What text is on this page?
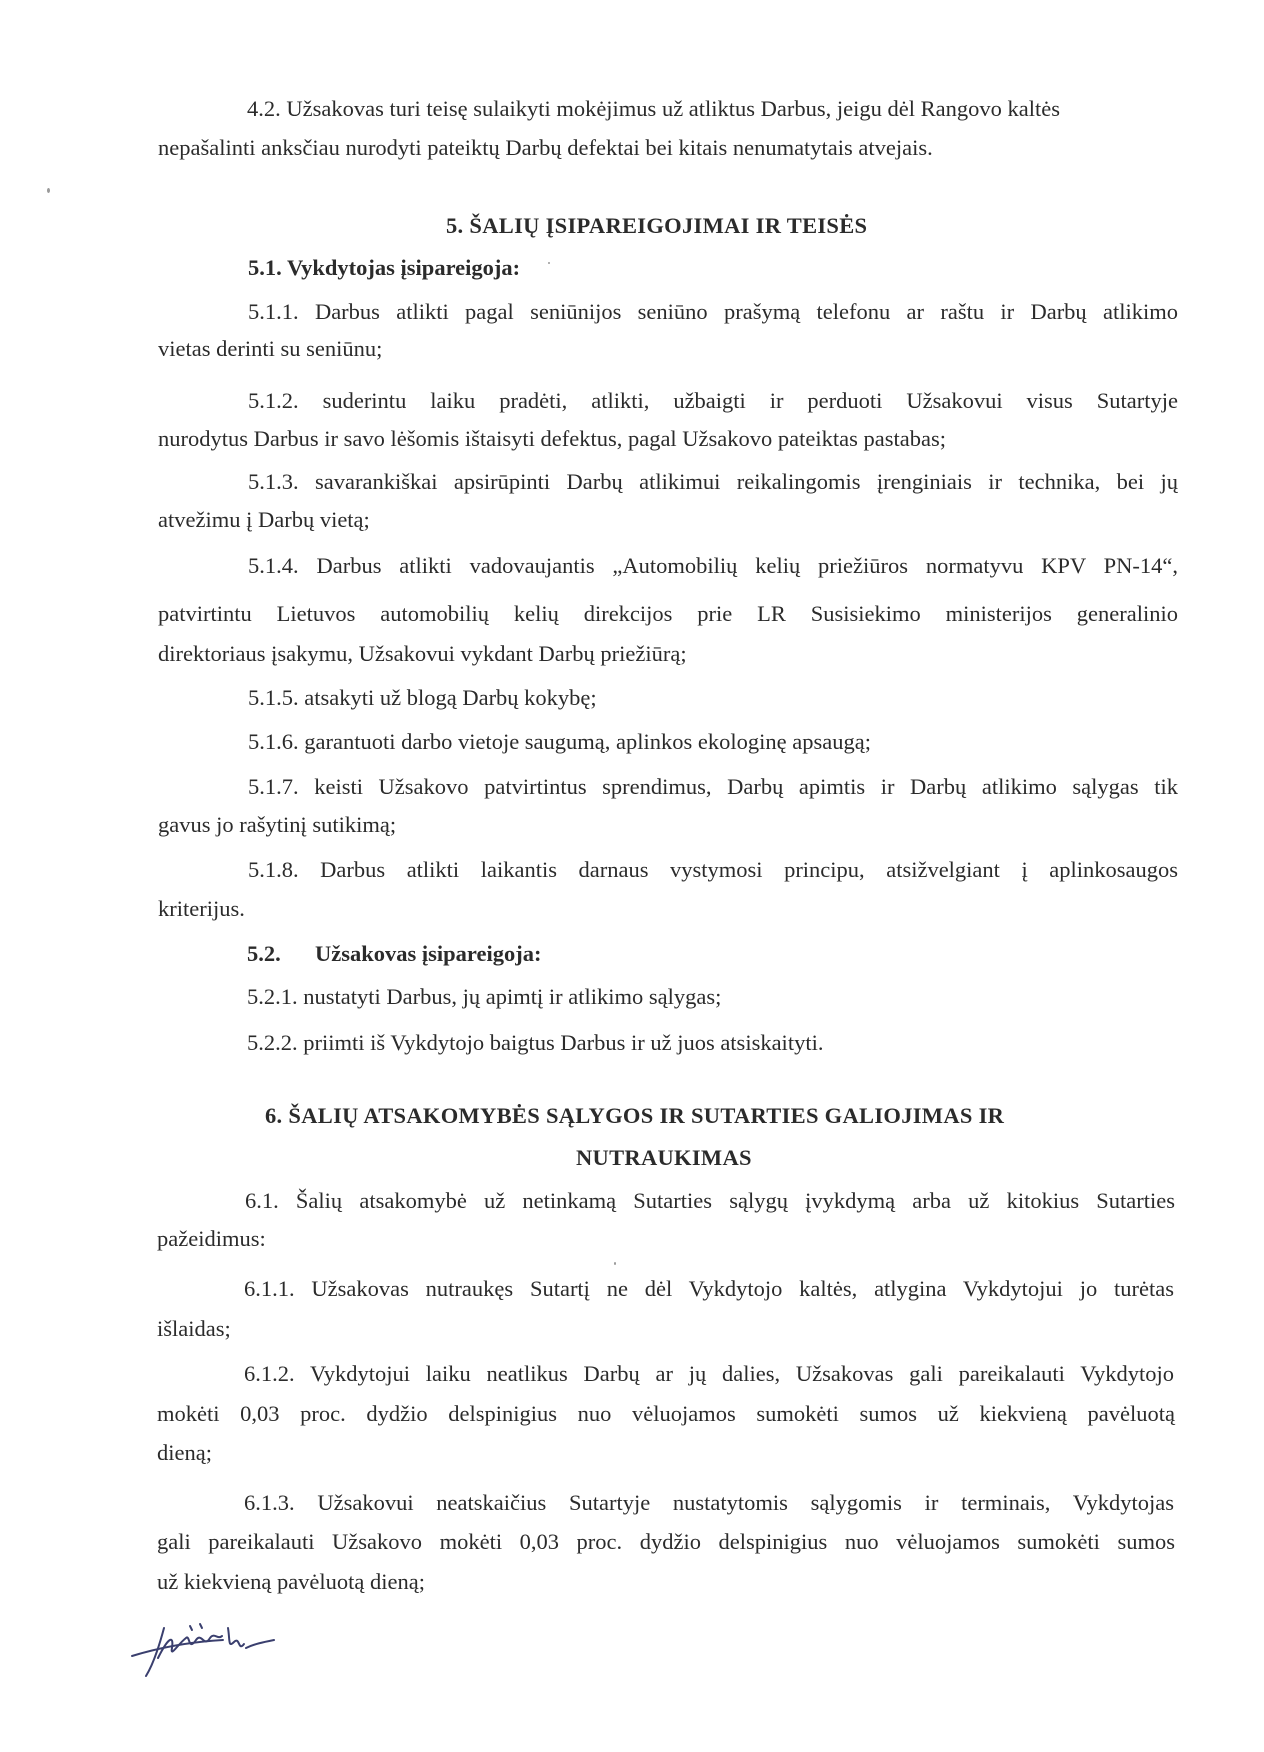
4.2. Užsakovas turi teisę sulaikyti mokėjimus už atliktus Darbus, jeigu dėl Rangovo kaltės
nepašalinti anksčiau nurodyti pateiktų Darbų defektai bei kitais nenumatytais atvejais.
5. ŠALIŲ ĮSIPAREIGOJIMAI IR TEISĖS
5.1. Vykdytojas įsipareigoja:
5.1.1. Darbus atlikti pagal seniūnijos seniūno prašymą telefonu ar raštu ir Darbų atlikimo
vietas derinti su seniūnu;
5.1.2. suderintu laiku pradėti, atlikti, užbaigti ir perduoti Užsakovui visus Sutartyje
nurodytus Darbus ir savo lėšomis ištaisyti defektus, pagal Užsakovo pateiktas pastabas;
5.1.3. savarankiškai apsirūpinti Darbų atlikimui reikalingomis įrenginiais ir technika, bei jų
atvežimu į Darbų vietą;
5.1.4. Darbus atlikti vadovaujantis „Automobilių kelių priežiūros normatyvu KPV PN-14“,
patvirtintu Lietuvos automobilių kelių direkcijos prie LR Susisiekimo ministerijos generalinio
direktoriaus įsakymu, Užsakovui vykdant Darbų priežiūrą;
5.1.5. atsakyti už blogą Darbų kokybę;
5.1.6. garantuoti darbo vietoje saugumą, aplinkos ekologinę apsaugą;
5.1.7. keisti Užsakovo patvirtintus sprendimus, Darbų apimtis ir Darbų atlikimo sąlygas tik
gavus jo rašytinį sutikimą;
5.1.8. Darbus atlikti laikantis darnaus vystymosi principu, atsižvelgiant į aplinkosaugos
kriterijus.
5.2. Užsakovas įsipareigoja:
5.2.1. nustatyti Darbus, jų apimtį ir atlikimo sąlygas;
5.2.2. priimti iš Vykdytojo baigtus Darbus ir už juos atsiskaityti.
6. ŠALIŲ ATSAKOMYBĖS SĄLYGOS IR SUTARTIES GALIOJIMAS IR
NUTRAUKIMAS
6.1. Šalių atsakomybė už netinkamą Sutarties sąlygų įvykdymą arba už kitokius Sutarties
pažeidimus:
6.1.1. Užsakovas nutraukęs Sutartį ne dėl Vykdytojo kaltės, atlygina Vykdytojui jo turėtas
išlaidas;
6.1.2. Vykdytojui laiku neatlikus Darbų ar jų dalies, Užsakovas gali pareikalauti Vykdytojo
mokėti 0,03 proc. dydžio delspinigius nuo vėluojamos sumokėti sumos už kiekvieną pavėluotą
dieną;
6.1.3. Užsakovui neatskaičius Sutartyje nustatytomis sąlygomis ir terminais, Vykdytojas
gali pareikalauti Užsakovo mokėti 0,03 proc. dydžio delspinigius nuo vėluojamos sumokėti sumos
už kiekvieną pavėluotą dieną;
